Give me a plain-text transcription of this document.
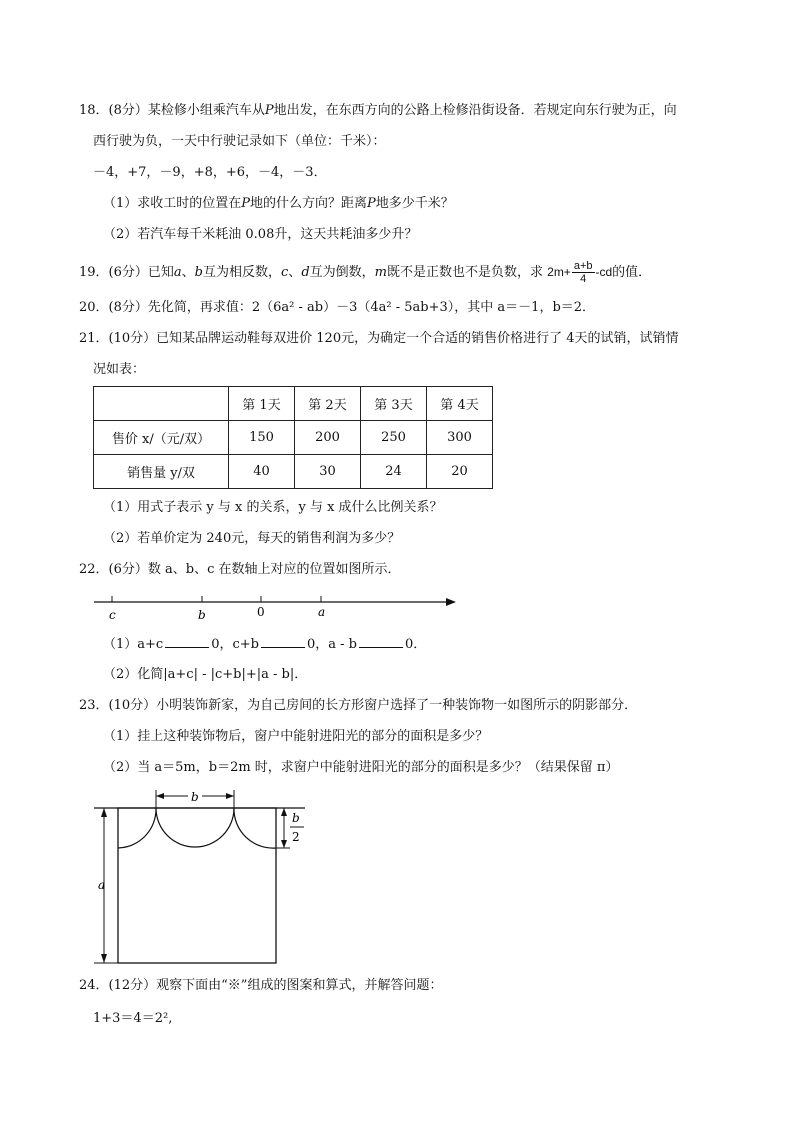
18．(8分）某检修小组乘汽车从P地出发，在东西方向的公路上检修沿街设备．若规定向东行驶为正，向
西行驶为负，一天中行驶记录如下（单位：千米）：
－4，+7，－9，+8，+6，－4，－3．
（1）求收工时的位置在P地的什么方向？距离P地多少千米？
（2）若汽车每千米耗油 0.08升，这天共耗油多少升？
19．(6分）已知a、b互为相反数，c、d互为倒数，m既不是正数也不是负数，求 $2m+ \frac{a+b}{4} -cd$的值．
20．(8分）先化简，再求值：2（6a² - ab）－3（4a² - 5ab+3），其中 a＝－1，b＝2．
21．(10分）已知某品牌运动鞋每双进价 120元，为确定一个合适的销售价格进行了 4天的试销，试销情
况如表：
	第 1天	第 2天	第 3天	第 4天
售价 x/（元/双）	150	200	250	300
销售量 y/双	40	30	24	20
（1）用式子表示 y 与 x 的关系，y 与 x 成什么比例关系？
（2）若单价定为 240元，每天的销售利润为多少？
22．(6分）数 a、b、c 在数轴上对应的位置如图所示．
c	b	0	a
（1）a+c	0，c+b	0，a - b	0．
（2）化简|a+c| - |c+b|+|a - b|．
23．(10分）小明装饰新家，为自己房间的长方形窗户选择了一种装饰物一如图所示的阴影部分．
（1）挂上这种装饰物后，窗户中能射进阳光的部分的面积是多少？
（2）当 a＝5m，b＝2m 时，求窗户中能射进阳光的部分的面积是多少？（结果保留 π）
b
a
b
2
24．(12分）观察下面由“※”组成的图案和算式，并解答问题：
1+3＝4＝2²,
